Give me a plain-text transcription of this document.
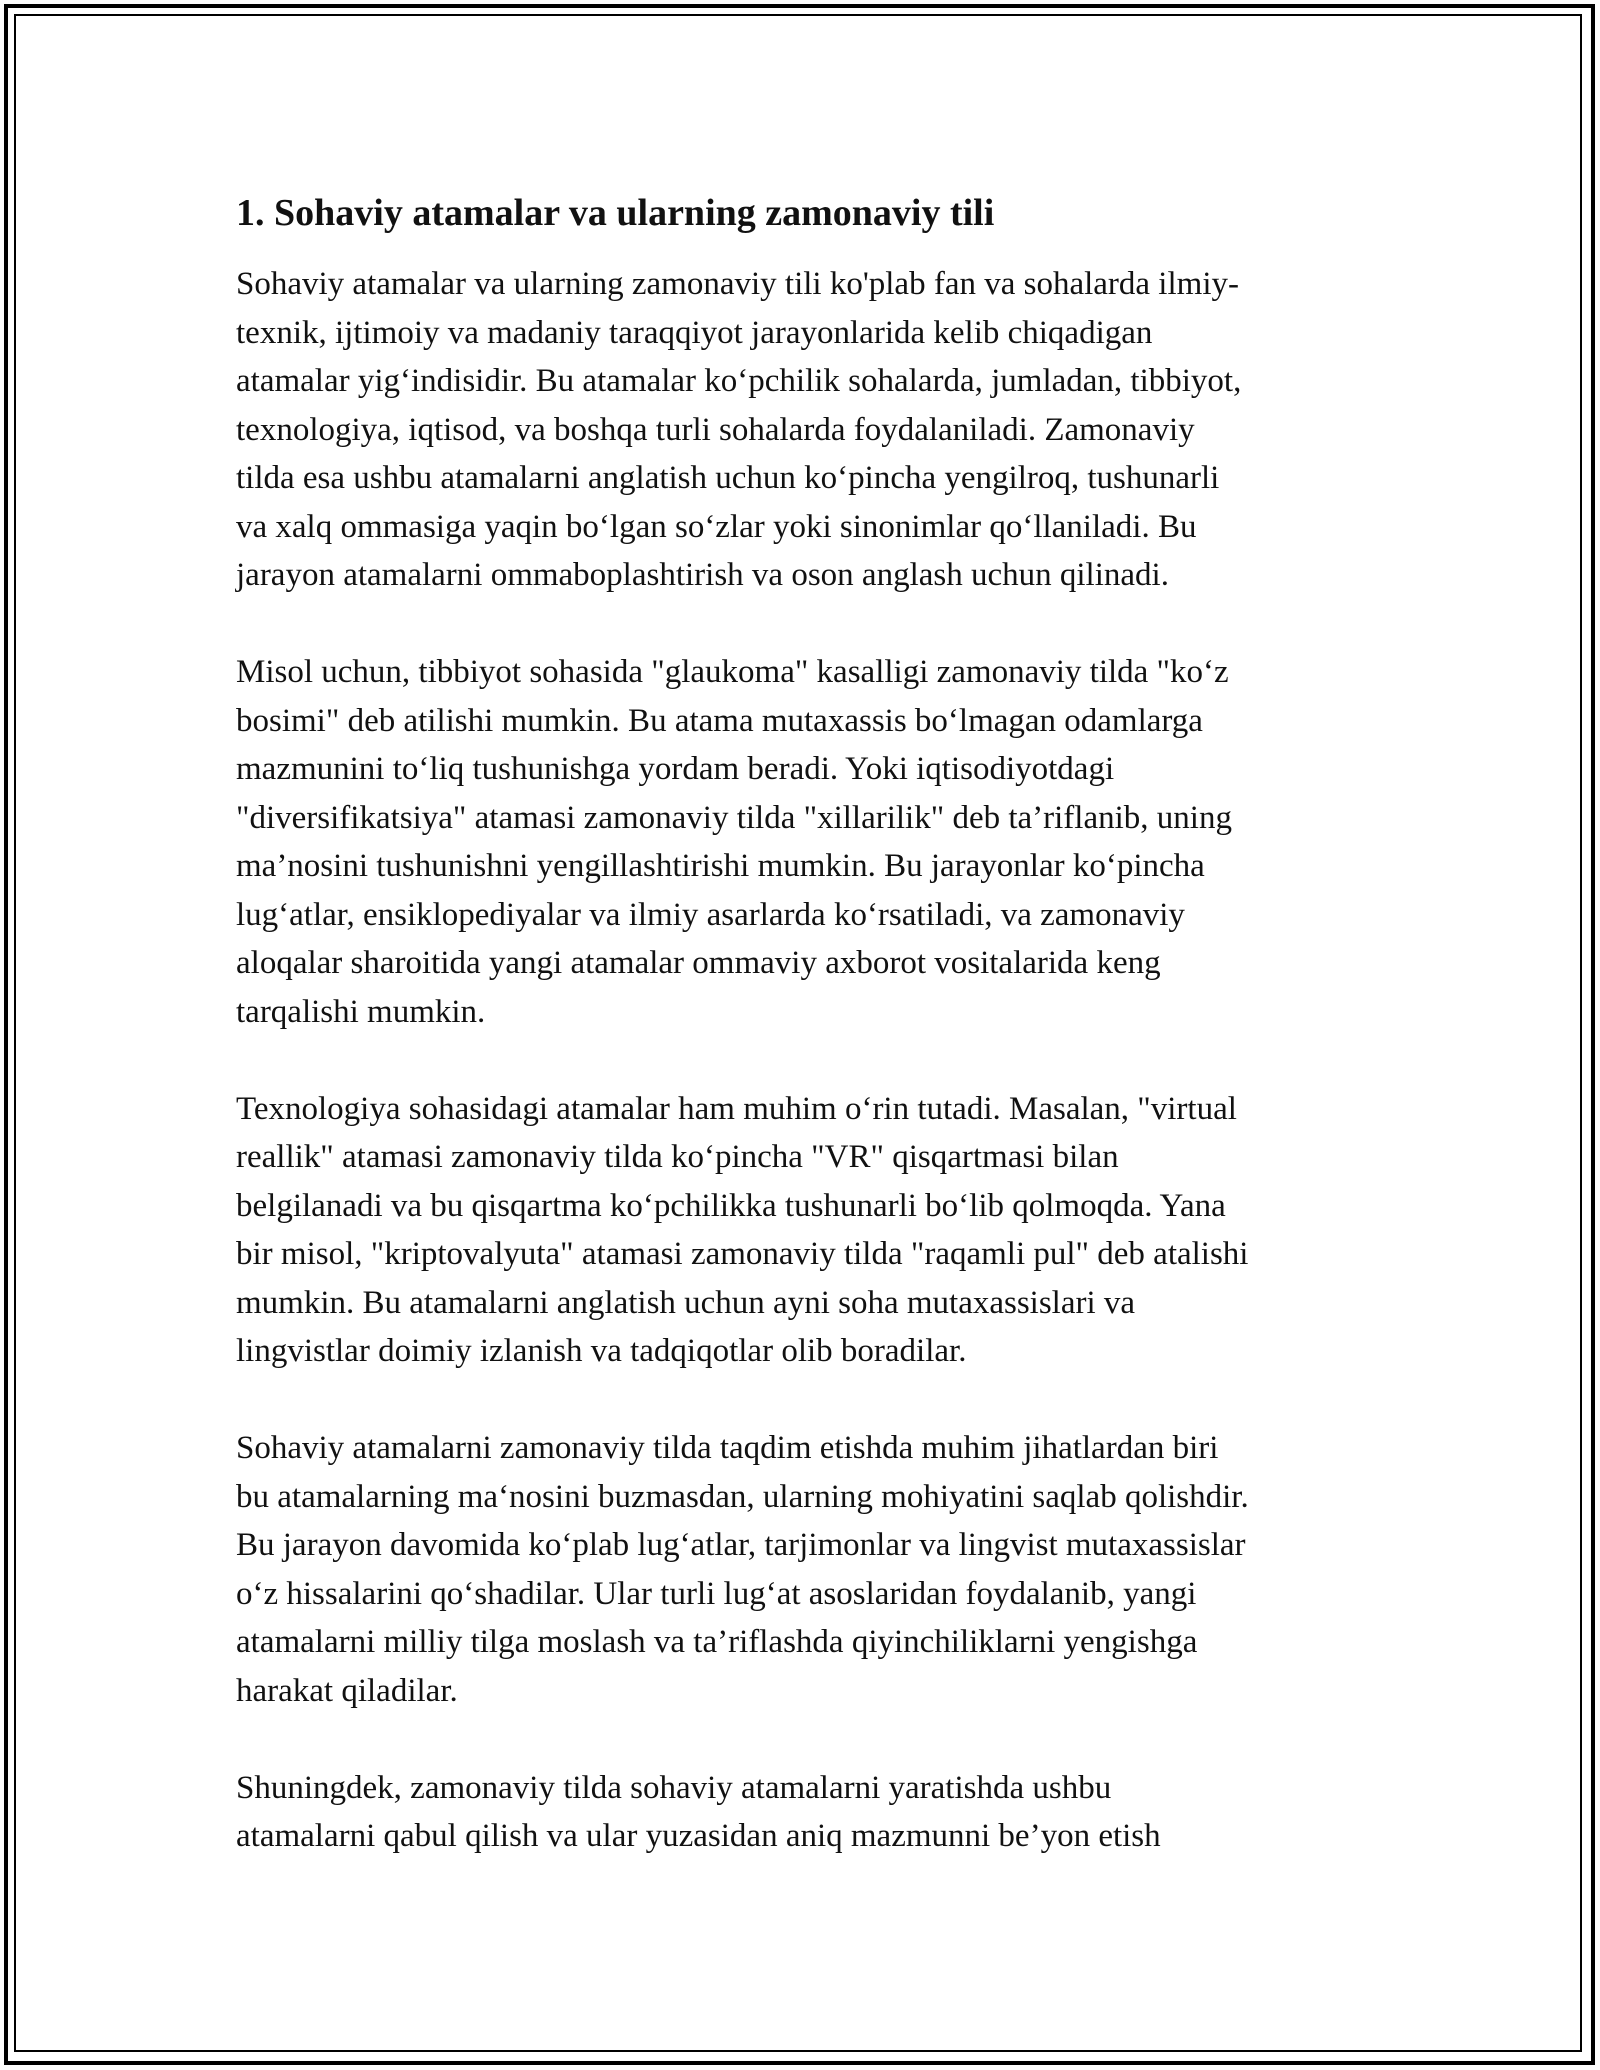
1. Sohaviy atamalar va ularning zamonaviy tili

Sohaviy atamalar va ularning zamonaviy tili ko'plab fan va sohalarda ilmiy-
texnik, ijtimoiy va madaniy taraqqiyot jarayonlarida kelib chiqadigan
atamalar yig‘indisidir. Bu atamalar ko‘pchilik sohalarda, jumladan, tibbiyot,
texnologiya, iqtisod, va boshqa turli sohalarda foydalaniladi. Zamonaviy
tilda esa ushbu atamalarni anglatish uchun ko‘pincha yengilroq, tushunarli
va xalq ommasiga yaqin bo‘lgan so‘zlar yoki sinonimlar qo‘llaniladi. Bu
jarayon atamalarni ommaboplashtirish va oson anglash uchun qilinadi.

Misol uchun, tibbiyot sohasida "glaukoma" kasalligi zamonaviy tilda "ko‘z
bosimi" deb atilishi mumkin. Bu atama mutaxassis bo‘lmagan odamlarga
mazmunini to‘liq tushunishga yordam beradi. Yoki iqtisodiyotdagi
"diversifikatsiya" atamasi zamonaviy tilda "xillarilik" deb ta’riflanib, uning
ma’nosini tushunishni yengillashtirishi mumkin. Bu jarayonlar ko‘pincha
lug‘atlar, ensiklopediyalar va ilmiy asarlarda ko‘rsatiladi, va zamonaviy
aloqalar sharoitida yangi atamalar ommaviy axborot vositalarida keng
tarqalishi mumkin.

Texnologiya sohasidagi atamalar ham muhim o‘rin tutadi. Masalan, "virtual
reallik" atamasi zamonaviy tilda ko‘pincha "VR" qisqartmasi bilan
belgilanadi va bu qisqartma ko‘pchilikka tushunarli bo‘lib qolmoqda. Yana
bir misol, "kriptovalyuta" atamasi zamonaviy tilda "raqamli pul" deb atalishi
mumkin. Bu atamalarni anglatish uchun ayni soha mutaxassislari va
lingvistlar doimiy izlanish va tadqiqotlar olib boradilar.

Sohaviy atamalarni zamonaviy tilda taqdim etishda muhim jihatlardan biri
bu atamalarning ma‘nosini buzmasdan, ularning mohiyatini saqlab qolishdir.
Bu jarayon davomida ko‘plab lug‘atlar, tarjimonlar va lingvist mutaxassislar
o‘z hissalarini qo‘shadilar. Ular turli lug‘at asoslaridan foydalanib, yangi
atamalarni milliy tilga moslash va ta’riflashda qiyinchiliklarni yengishga
harakat qiladilar.

Shuningdek, zamonaviy tilda sohaviy atamalarni yaratishda ushbu
atamalarni qabul qilish va ular yuzasidan aniq mazmunni be’yon etish
